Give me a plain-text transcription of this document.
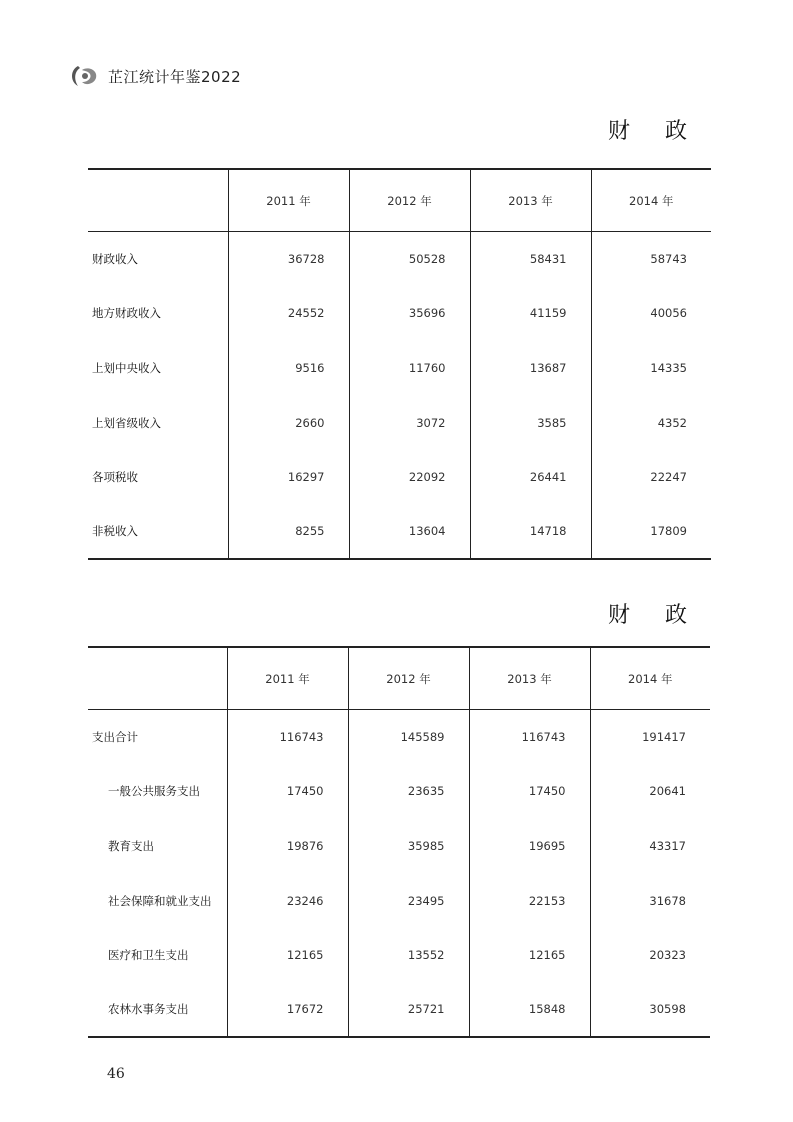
芷江统计年鉴2022
财 政
	2011 年	2012 年	2013 年	2014 年
财政收入	36728	50528	58431	58743
地方财政收入	24552	35696	41159	40056
上划中央收入	9516	11760	13687	14335
上划省级收入	2660	3072	3585	4352
各项税收	16297	22092	26441	22247
非税收入	8255	13604	14718	17809
财 政
	2011 年	2012 年	2013 年	2014 年
支出合计	116743	145589	116743	191417
一般公共服务支出	17450	23635	17450	20641
教育支出	19876	35985	19695	43317
社会保障和就业支出	23246	23495	22153	31678
医疗和卫生支出	12165	13552	12165	20323
农林水事务支出	17672	25721	15848	30598
46
